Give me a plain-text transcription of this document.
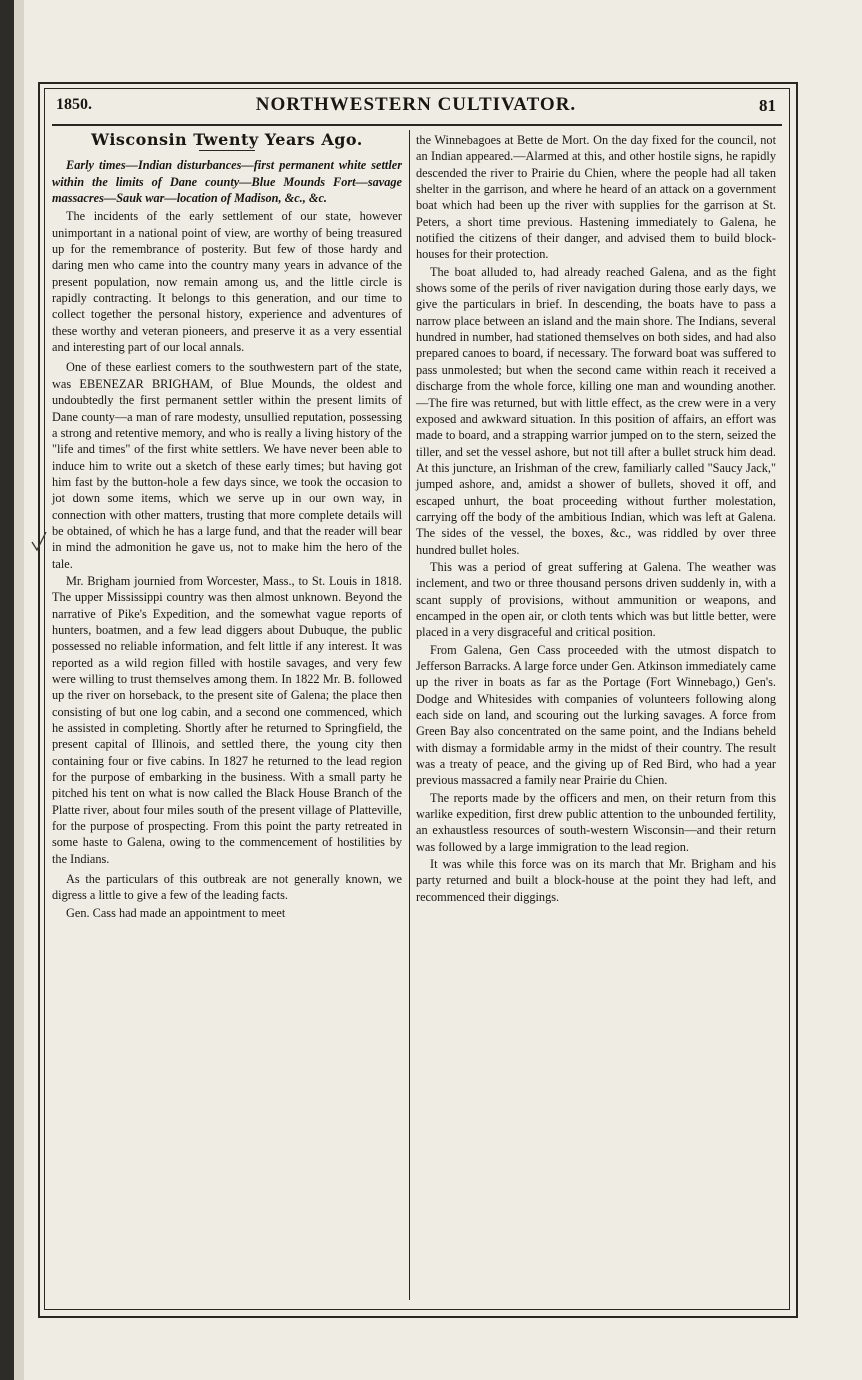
1850.	NORTHWESTERN CULTIVATOR.	81
Wisconsin Twenty Years Ago.
Early times—Indian disturbances—first permanent white settler within the limits of Dane county—Blue Mounds Fort—savage massacres—Sauk war—location of Madison, &c., &c.

The incidents of the early settlement of our state, however unimportant in a national point of view, are worthy of being treasured up for the remembrance of posterity. But few of those hardy and daring men who came into the country many years in advance of the present population, now remain among us, and the little circle is rapidly contracting. It belongs to this generation, and our time to collect together the personal history, experience and adventures of these worthy and veteran pioneers, and preserve it as a very essential and interesting part of our local annals.

One of these earliest comers to the southwestern part of the state, was EBENEZAR BRIGHAM, of Blue Mounds, the oldest and undoubtedly the first permanent settler within the present limits of Dane county—a man of rare modesty, unsullied reputation, possessing a strong and retentive memory, and who is really a living history of the "life and times" of the first white settlers. We have never been able to induce him to write out a sketch of these early times; but having got him fast by the button-hole a few days since, we took the occasion to jot down some items, which we serve up in our own way, in connection with other matters, trusting that more complete details will be obtained, of which he has a large fund, and that the reader will bear in mind the admonition he gave us, not to make him the hero of the tale.

Mr. Brigham journied from Worcester, Mass., to St. Louis in 1818. The upper Mississippi country was then almost unknown. Beyond the narrative of Pike's Expedition, and the somewhat vague reports of hunters, boatmen, and a few lead diggers about Dubuque, the public possessed no reliable information, and felt little if any interest. It was reported as a wild region filled with hostile savages, and very few were willing to trust themselves among them. In 1822 Mr. B. followed up the river on horseback, to the present site of Galena; the place then consisting of but one log cabin, and a second one commenced, which he assisted in completing. Shortly after he returned to Springfield, the present capital of Illinois, and settled there, the young city then containing four or five cabins. In 1827 he returned to the lead region for the purpose of embarking in the business. With a small party he pitched his tent on what is now called the Black House Branch of the Platte river, about four miles south of the present village of Platteville, for the purpose of prospecting. From this point the party retreated in some haste to Galena, owing to the commencement of hostilities by the Indians.

As the particulars of this outbreak are not generally known, we digress a little to give a few of the leading facts.

Gen. Cass had made an appointment to meet

the Winnebagoes at Bette de Mort. On the day fixed for the council, not an Indian appeared.—Alarmed at this, and other hostile signs, he rapidly descended the river to Prairie du Chien, where the people had all taken shelter in the garrison, and where he heard of an attack on a government boat which had been up the river with supplies for the garrison at St. Peters, a short time previous. Hastening immediately to Galena, he notified the citizens of their danger, and advised them to build block-houses for their protection.

The boat alluded to, had already reached Galena, and as the fight shows some of the perils of river navigation during those early days, we give the particulars in brief. In descending, the boats have to pass a narrow place between an island and the main shore. The Indians, several hundred in number, had stationed themselves on both sides, and had also prepared canoes to board, if necessary. The forward boat was suffered to pass unmolested; but when the second came within reach it received a discharge from the whole force, killing one man and wounding another.—The fire was returned, but with little effect, as the crew were in a very exposed and awkward situation. In this position of affairs, an effort was made to board, and a strapping warrior jumped on to the stern, seized the tiller, and set the vessel ashore, but not till after a bullet struck him dead. At this juncture, an Irishman of the crew, familiarly called "Saucy Jack," jumped ashore, and, amidst a shower of bullets, shoved it off, and escaped unhurt, the boat proceeding without further molestation, carrying off the body of the ambitious Indian, which was left at Galena. The sides of the vessel, the boxes, &c., was riddled by over three hundred bullet holes.

This was a period of great suffering at Galena. The weather was inclement, and two or three thousand persons driven suddenly in, with a scant supply of provisions, without ammunition or weapons, and encamped in the open air, or cloth tents which was but little better, were placed in a very disgraceful and critical position.

From Galena, Gen Cass proceeded with the utmost dispatch to Jefferson Barracks. A large force under Gen. Atkinson immediately came up the river in boats as far as the Portage (Fort Winnebago,) Gen's. Dodge and Whitesides with companies of volunteers following along each side on land, and scouring out the lurking savages. A force from Green Bay also concentrated on the same point, and the Indians beheld with dismay a formidable army in the midst of their country. The result was a treaty of peace, and the giving up of Red Bird, who had a year previous massacred a family near Prairie du Chien.

The reports made by the officers and men, on their return from this warlike expedition, first drew public attention to the unbounded fertility, an exhaustless resources of south-western Wisconsin—and their return was followed by a large immigration to the lead region.

It was while this force was on its march that Mr. Brigham and his party returned and built a block-house at the point they had left, and recommenced their diggings.
